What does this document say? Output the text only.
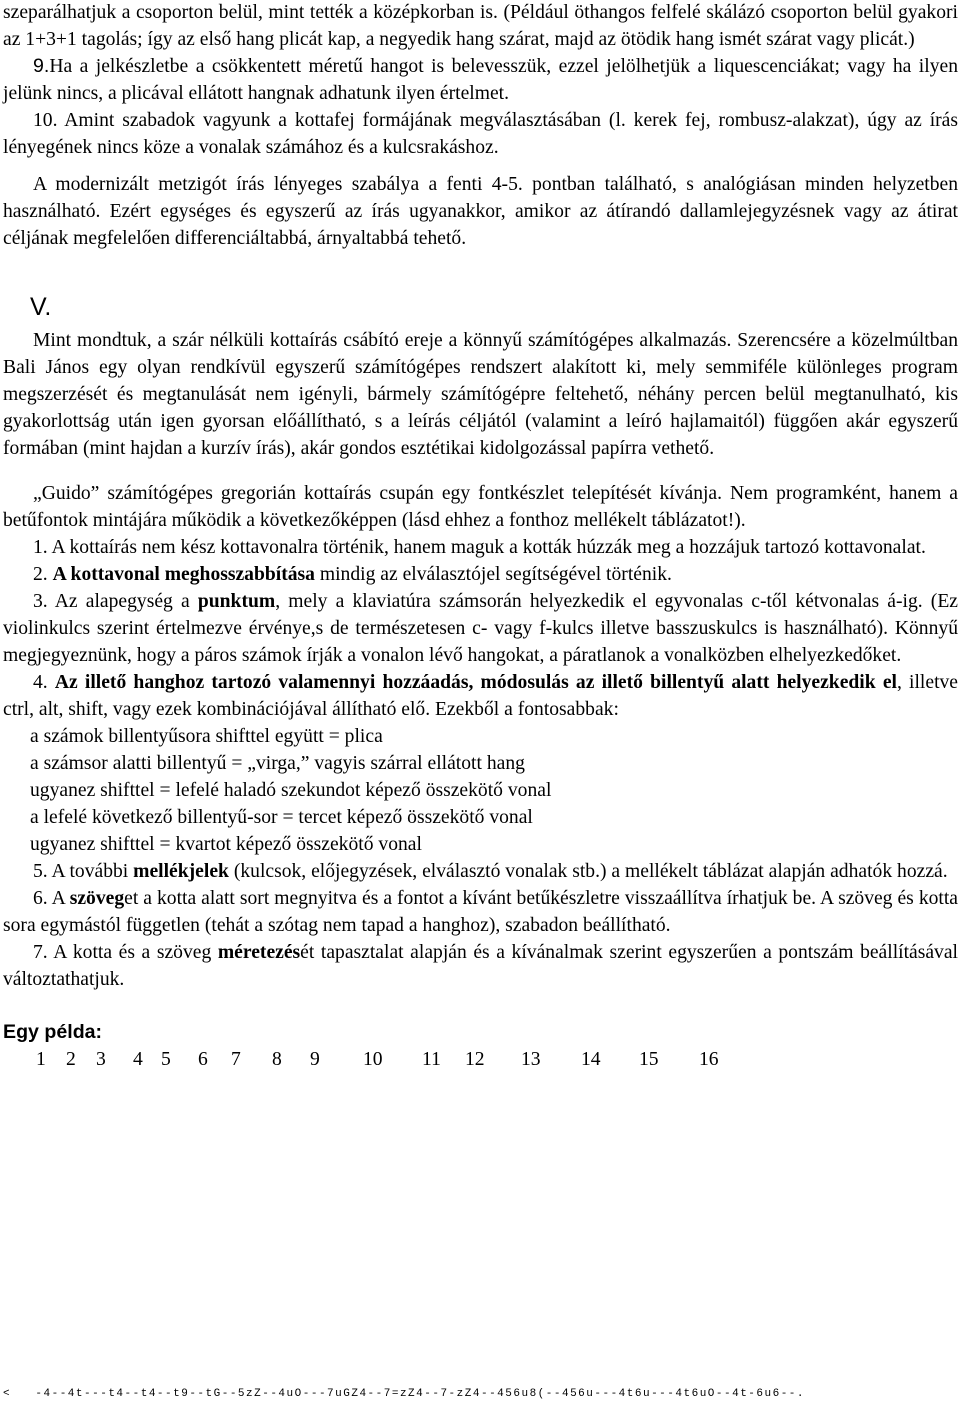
szeparálhatjuk a csoporton belül, mint tették a középkorban is. (Például öthangos felfelé skálázó csoporton belül gyakori az 1+3+1 tagolás; így az első hang plicát kap, a negyedik hang szárat, majd az ötödik hang ismét szárat vagy plicát.)

9.Ha a jelkészletbe a csökkentett méretű hangot is belevesszük, ezzel jelölhetjük a liquescenciákat; vagy ha ilyen jelünk nincs, a plicával ellátott hangnak adhatunk ilyen értelmet.

10. Amint szabadok vagyunk a kottafej formájának megválasztásában (l. kerek fej, rombusz-alakzat), úgy az írás lényegének nincs köze a vonalak számához és a kulcsrakáshoz.

A modernizált metzigót írás lényeges szabálya a fenti 4-5. pontban található, s analógiásan minden helyzetben használható. Ezért egységes és egyszerű az írás ugyanakkor, amikor az átírandó dallamlejegyzésnek vagy az átirat céljának megfelelően differenciáltabbá, árnyaltabbá tehető.

V.

Mint mondtuk, a szár nélküli kottaírás csábító ereje a könnyű számítógépes alkalmazás. Szerencsére a közelmúltban Bali János egy olyan rendkívül egyszerű számítógépes rendszert alakított ki, mely semmiféle különleges program megszerzését és megtanulását nem igényli, bármely számítógépre feltehető, néhány percen belül megtanulható, kis gyakorlottság után igen gyorsan előállítható, s a leírás céljától (valamint a leíró hajlamaitól) függően akár egyszerű formában (mint hajdan a kurzív írás), akár gondos esztétikai kidolgozással papírra vethető.

„Guido” számítógépes gregorián kottaírás csupán egy fontkészlet telepítését kívánja. Nem programként, hanem a betűfontok mintájára működik a következőképpen (lásd ehhez a fonthoz mellékelt táblázatot!).

1. A kottaírás nem kész kottavonalra történik, hanem maguk a kották húzzák meg a hozzájuk tartozó kottavonalat.

2. A kottavonal meghosszabbítása mindig az elválasztójel segítségével történik.

3. Az alapegység a punktum, mely a klaviatúra számsorán helyezkedik el egyvonalas c-től kétvonalas á-ig. (Ez violinkulcs szerint értelmezve érvénye,s de természetesen c- vagy f-kulcs illetve basszuskulcs is használható). Könnyű megjegyeznünk, hogy a páros számok írják a vonalon lévő hangokat, a páratlanok a vonalközben elhelyezkedőket.

4. Az illető hanghoz tartozó valamennyi hozzáadás, módosulás az illető billentyű alatt helyezkedik el, illetve ctrl, alt, shift, vagy ezek kombinációjával állítható elő. Ezekből a fontosabbak:

a számok billentyűsora shifttel együtt = plica

a számsor alatti billentyű = „virga,” vagyis szárral ellátott hang

ugyanez shifttel = lefelé haladó szekundot képező összekötő vonal

a lefelé következő billentyű-sor = tercet képező összekötő vonal

ugyanez shifttel = kvartot képező összekötő vonal

5. A további mellékjelek (kulcsok, előjegyzések, elválasztó vonalak stb.) a mellékelt táblázat alapján adhatók hozzá.

6. A szöveget a kotta alatt sort megnyitva és a fontot a kívánt betűkészletre visszaállítva írhatjuk be. A szöveg és kotta sora egymástól független (tehát a szótag nem tapad a hanghoz), szabadon beállítható.

7. A kotta és a szöveg méretezését tapasztalat alapján és a kívánalmak szerint egyszerűen a pontszám beállításával változtathatjuk.

Egy példa:
1	2	3	4 5	6	7	8	9	10	11	12	13	14	15	16
<   -4--4t---t4--t4--t9--tG--5zZ--4uO---7uGZ4--7=zZ4--7-zZ4--456u8(--456u---4t6u---4t6uO--4t-6u6--.
